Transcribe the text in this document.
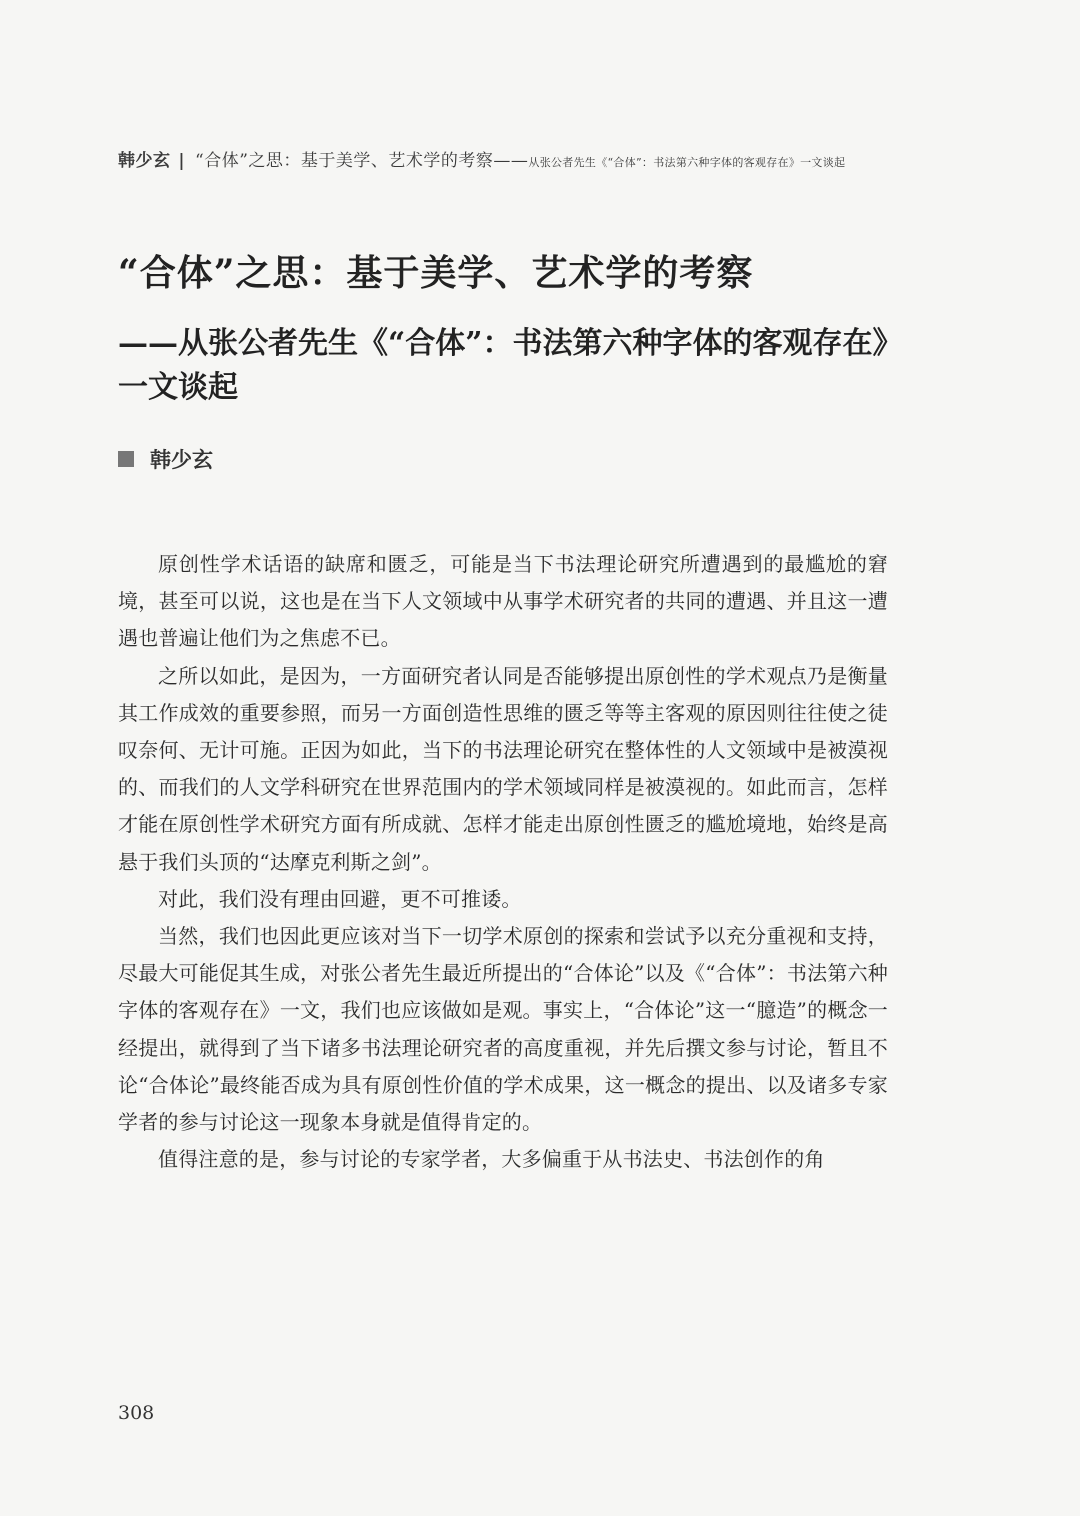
韩少玄 | “合体”之思：基于美学、艺术学的考察——从张公者先生《“合体”：书法第六种字体的客观存在》一文谈起
“合体”之思：基于美学、艺术学的考察
——从张公者先生《“合体”：书法第六种字体的客观存在》一文谈起
韩少玄

原创性学术话语的缺席和匮乏，可能是当下书法理论研究所遭遇到的最尴尬的窘境，甚至可以说，这也是在当下人文领域中从事学术研究者的共同的遭遇、并且这一遭遇也普遍让他们为之焦虑不已。

之所以如此，是因为，一方面研究者认同是否能够提出原创性的学术观点乃是衡量其工作成效的重要参照，而另一方面创造性思维的匮乏等等主客观的原因则往往使之徒叹奈何、无计可施。正因为如此，当下的书法理论研究在整体性的人文领域中是被漠视的、而我们的人文学科研究在世界范围内的学术领域同样是被漠视的。如此而言，怎样才能在原创性学术研究方面有所成就、怎样才能走出原创性匮乏的尴尬境地，始终是高悬于我们头顶的“达摩克利斯之剑”。

对此，我们没有理由回避，更不可推诿。

当然，我们也因此更应该对当下一切学术原创的探索和尝试予以充分重视和支持，尽最大可能促其生成，对张公者先生最近所提出的“合体论”以及《“合体”：书法第六种字体的客观存在》一文，我们也应该做如是观。事实上，“合体论”这一“臆造”的概念一经提出，就得到了当下诸多书法理论研究者的高度重视，并先后撰文参与讨论，暂且不论“合体论”最终能否成为具有原创性价值的学术成果，这一概念的提出、以及诸多专家学者的参与讨论这一现象本身就是值得肯定的。

值得注意的是，参与讨论的专家学者，大多偏重于从书法史、书法创作的角

308
